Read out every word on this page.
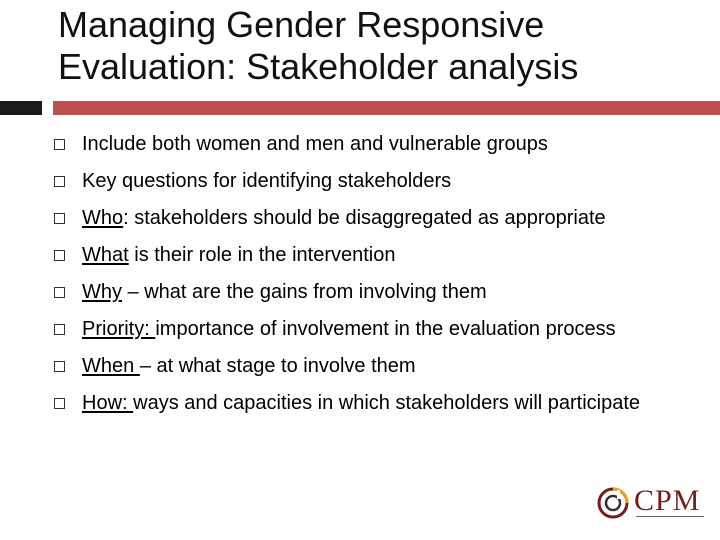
Managing Gender Responsive
Evaluation: Stakeholder analysis
Include both women and men and vulnerable groups
Key questions for identifying stakeholders
Who: stakeholders should be disaggregated as appropriate
What is their role in the intervention
Why – what are the gains from involving them
Priority: importance of involvement in the evaluation process
When – at what stage to involve them
How: ways and capacities in which stakeholders will participate
CPM
